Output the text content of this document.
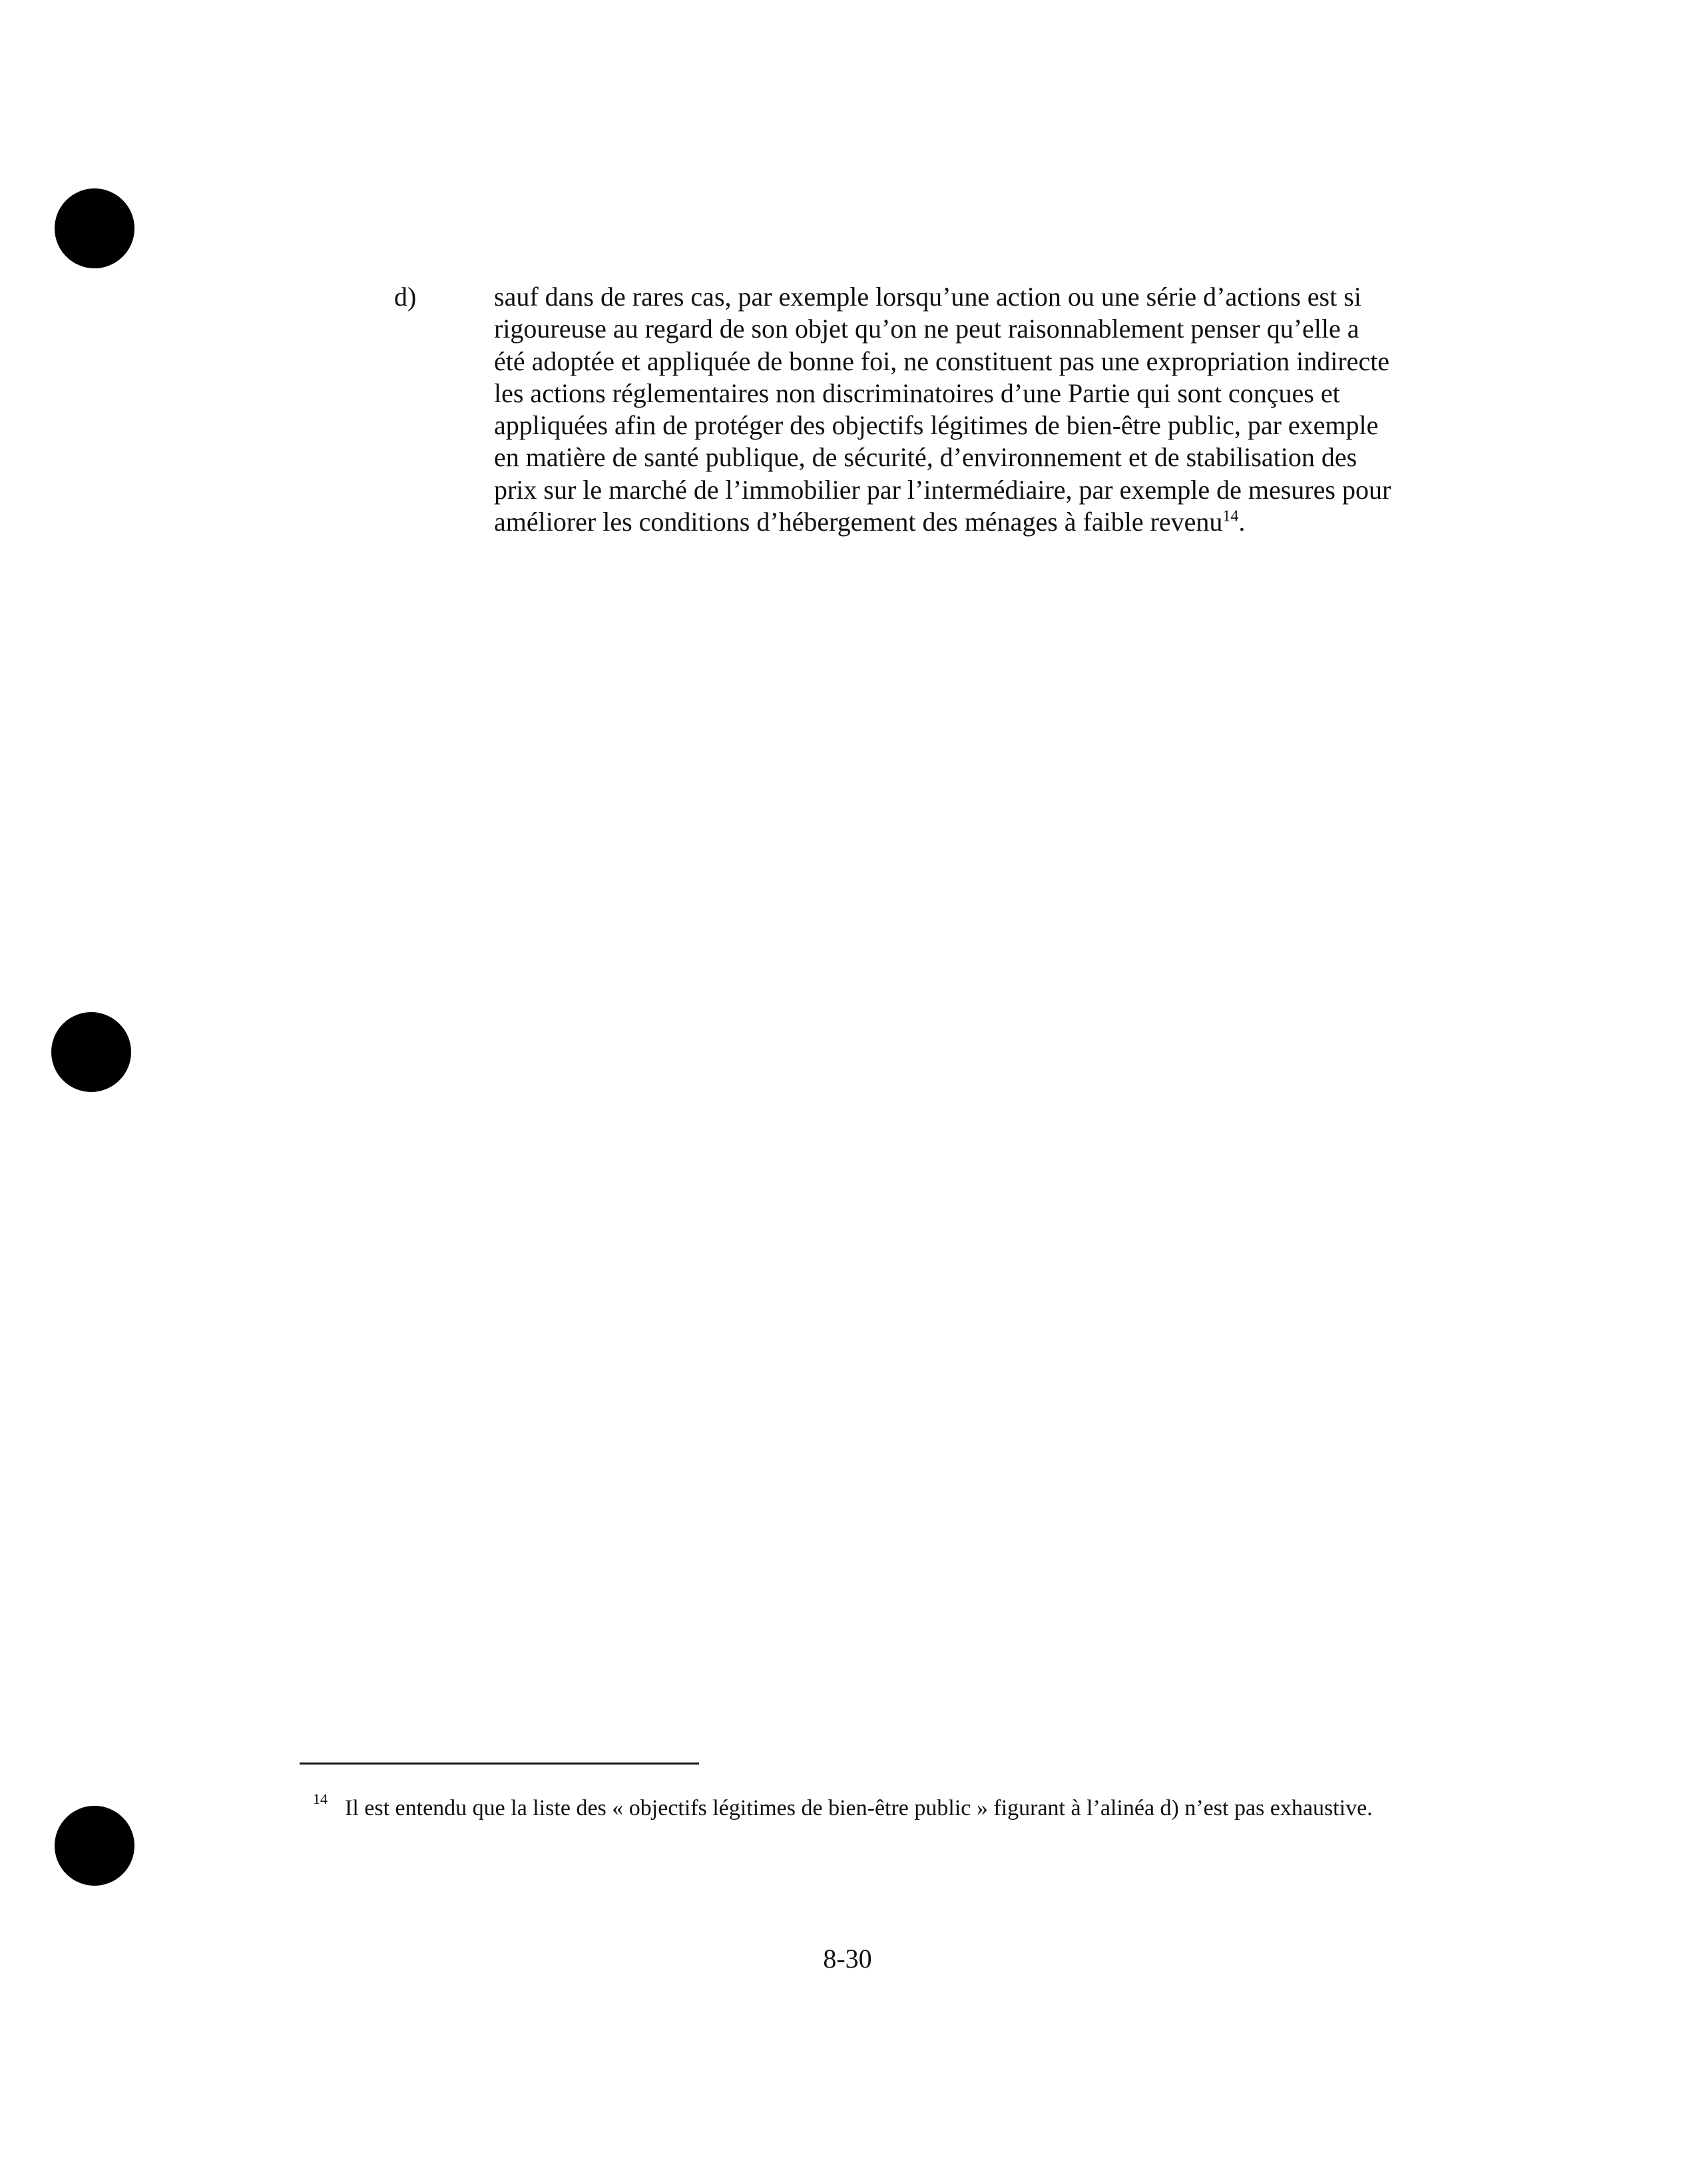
d)	sauf dans de rares cas, par exemple lorsqu’une action ou une série d’actions est si rigoureuse au regard de son objet qu’on ne peut raisonnablement penser qu’elle a été adoptée et appliquée de bonne foi, ne constituent pas une expropriation indirecte les actions réglementaires non discriminatoires d’une Partie qui sont conçues et appliquées afin de protéger des objectifs légitimes de bien-être public, par exemple en matière de santé publique, de sécurité, d’environnement et de stabilisation des prix sur le marché de l’immobilier par l’intermédiaire, par exemple de mesures pour améliorer les conditions d’hébergement des ménages à faible revenu$^{14}$.

14 Il est entendu que la liste des « objectifs légitimes de bien-être public » figurant à l’alinéa d) n’est pas exhaustive.
8-30
